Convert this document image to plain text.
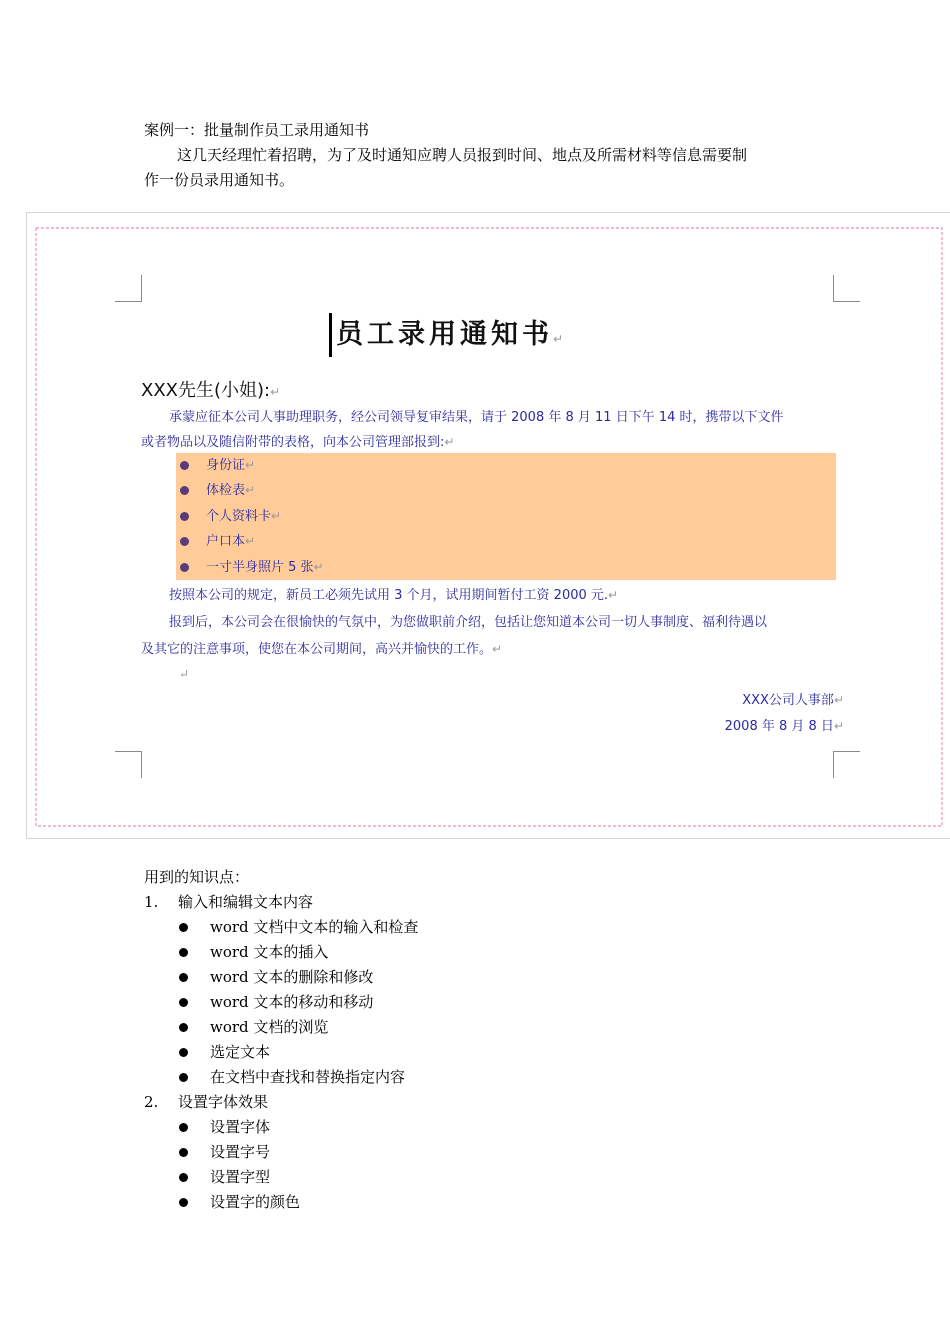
案例一：批量制作员工录用通知书

这几天经理忙着招聘，为了及时通知应聘人员报到时间、地点及所需材料等信息需要制

作一份员录用通知书。

员工录用通知书↵
XXX先生(小姐):↵
承蒙应征本公司人事助理职务，经公司领导复审结果，请于 2008 年 8 月 11 日下午 14 时，携带以下文件
或者物品以及随信附带的表格，向本公司管理部报到:↵
身份证↵
体检表↵
个人资料卡↵
户口本↵
一寸半身照片 5 张↵
按照本公司的规定，新员工必须先试用 3 个月，试用期间暂付工资 2000 元.↵
报到后，本公司会在很愉快的气氛中，为您做职前介绍，包括让您知道本公司一切人事制度、福利待遇以
及其它的注意事项，使您在本公司期间，高兴并愉快的工作。↵
↵
XXX公司人事部↵
2008 年 8 月 8 日↵

用到的知识点：

1. 输入和编辑文本内容

word 文档中文本的输入和检查

word 文本的插入

word 文本的删除和修改

word 文本的移动和移动

word 文档的浏览

选定文本

在文档中查找和替换指定内容

2. 设置字体效果

设置字体

设置字号

设置字型

设置字的颜色
